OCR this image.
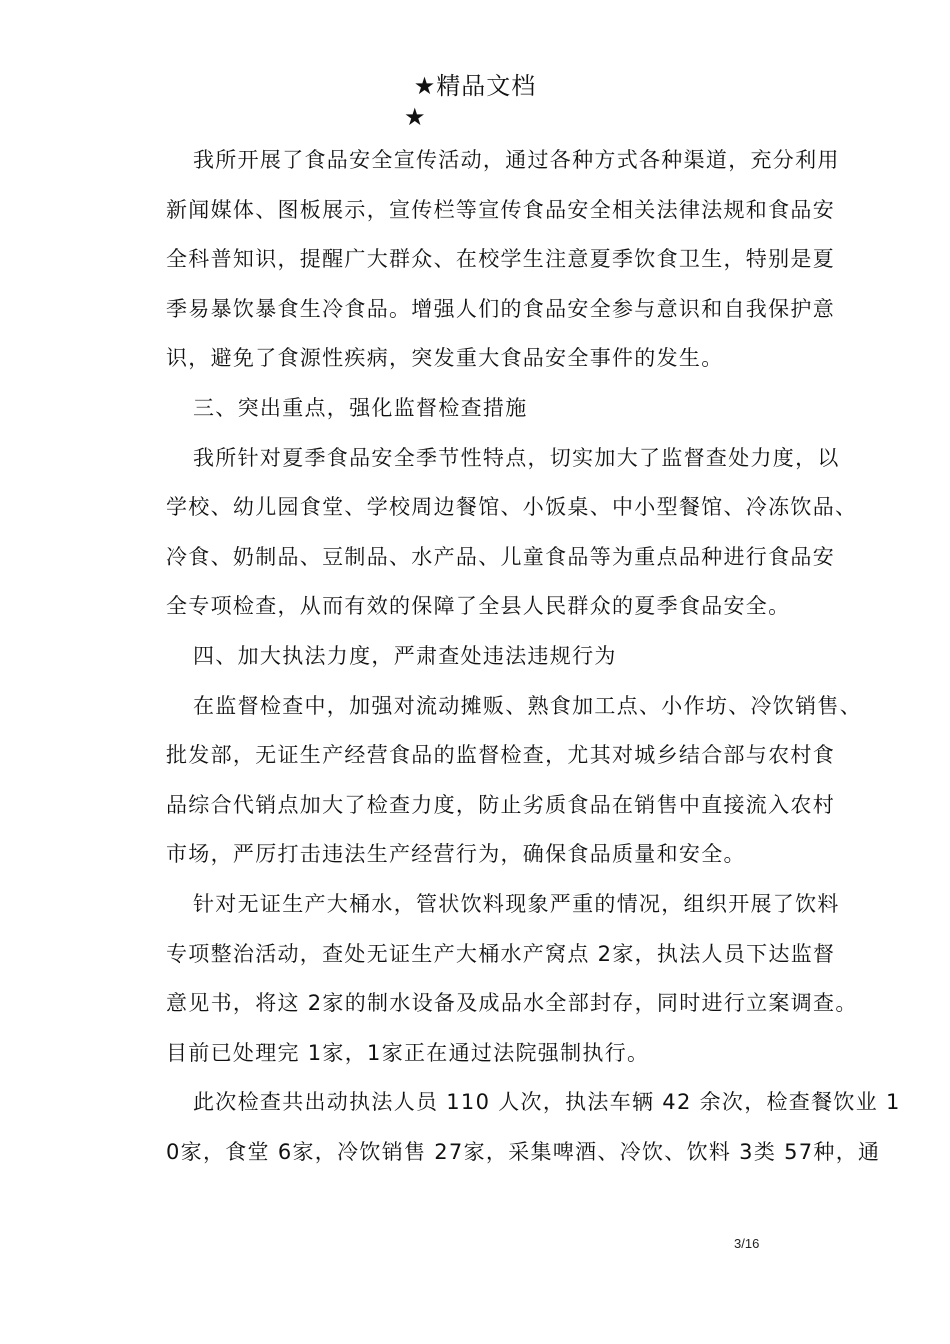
★精品文档
★
我所开展了食品安全宣传活动，通过各种方式各种渠道，充分利用
新闻媒体、图板展示，宣传栏等宣传食品安全相关法律法规和食品安
全科普知识，提醒广大群众、在校学生注意夏季饮食卫生，特别是夏
季易暴饮暴食生冷食品。增强人们的食品安全参与意识和自我保护意
识，避免了食源性疾病，突发重大食品安全事件的发生。
三、突出重点，强化监督检查措施
我所针对夏季食品安全季节性特点，切实加大了监督查处力度，以
学校、幼儿园食堂、学校周边餐馆、小饭桌、中小型餐馆、冷冻饮品、
冷食、奶制品、豆制品、水产品、儿童食品等为重点品种进行食品安
全专项检查，从而有效的保障了全县人民群众的夏季食品安全。
四、加大执法力度，严肃查处违法违规行为
在监督检查中，加强对流动摊贩、熟食加工点、小作坊、冷饮销售、
批发部，无证生产经营食品的监督检查，尤其对城乡结合部与农村食
品综合代销点加大了检查力度，防止劣质食品在销售中直接流入农村
市场，严厉打击违法生产经营行为，确保食品质量和安全。
针对无证生产大桶水，管状饮料现象严重的情况，组织开展了饮料
专项整治活动，查处无证生产大桶水产窝点 2家，执法人员下达监督
意见书，将这 2家的制水设备及成品水全部封存，同时进行立案调查。
目前已处理完 1家，1家正在通过法院强制执行。
此次检查共出动执法人员 110 人次，执法车辆 42 余次，检查餐饮业 1
0家，食堂 6家，冷饮销售 27家，采集啤酒、冷饮、饮料 3类 57种，通
3/16
